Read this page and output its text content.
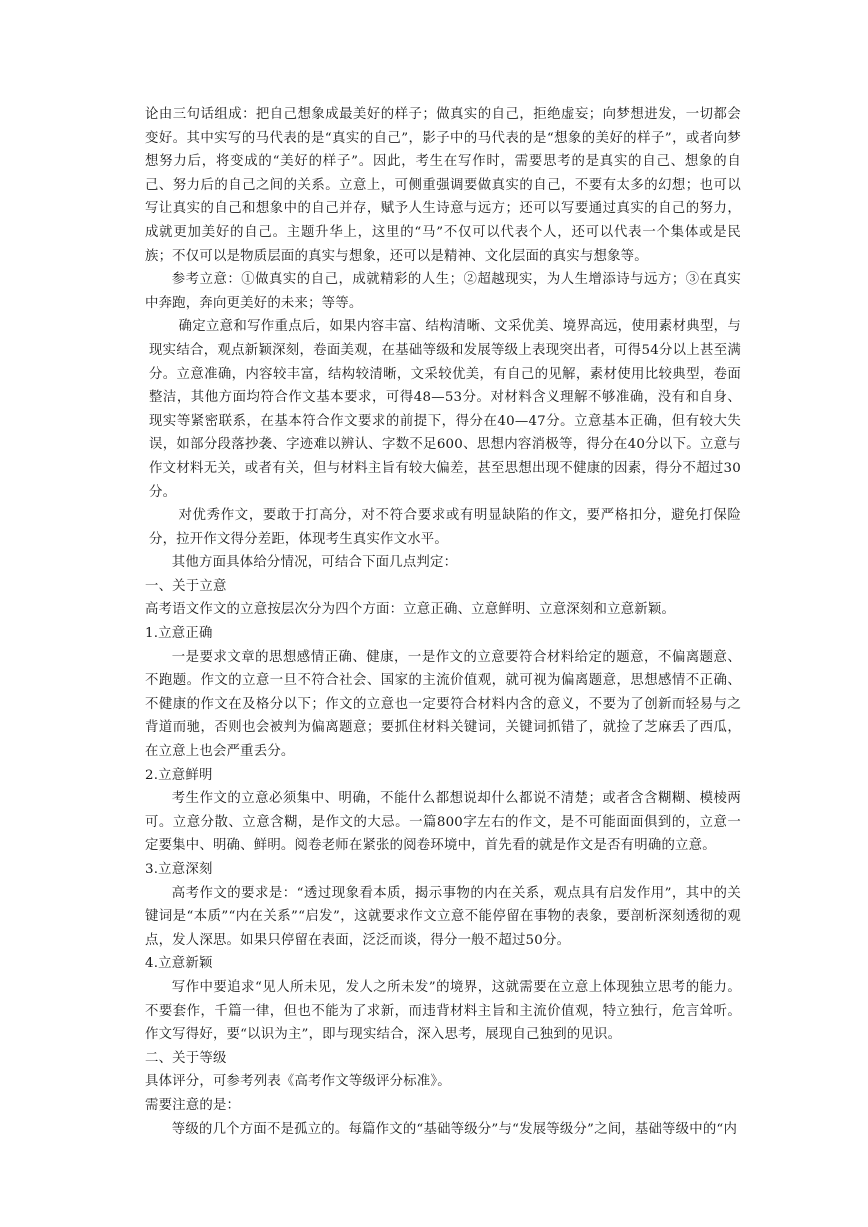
论由三句话组成：把自己想象成最美好的样子；做真实的自己，拒绝虚妄；向梦想进发，一切都会变好。其中实写的马代表的是“真实的自己”，影子中的马代表的是“想象的美好的样子”，或者向梦想努力后，将变成的“美好的样子”。因此，考生在写作时，需要思考的是真实的自己、想象的自己、努力后的自己之间的关系。立意上，可侧重强调要做真实的自己，不要有太多的幻想；也可以写让真实的自己和想象中的自己并存，赋予人生诗意与远方；还可以写要通过真实的自己的努力，成就更加美好的自己。主题升华上，这里的“马”不仅可以代表个人，还可以代表一个集体或是民族；不仅可以是物质层面的真实与想象，还可以是精神、文化层面的真实与想象等。

参考立意：①做真实的自己，成就精彩的人生；②超越现实，为人生增添诗与远方；③在真实中奔跑，奔向更美好的未来；等等。

确定立意和写作重点后，如果内容丰富、结构清晰、文采优美、境界高远，使用素材典型，与现实结合，观点新颖深刻，卷面美观，在基础等级和发展等级上表现突出者，可得54分以上甚至满分。立意准确，内容较丰富，结构较清晰，文采较优美，有自己的见解，素材使用比较典型，卷面整洁，其他方面均符合作文基本要求，可得48—53分。对材料含义理解不够准确，没有和自身、现实等紧密联系，在基本符合作文要求的前提下，得分在40—47分。立意基本正确，但有较大失误，如部分段落抄袭、字迹难以辨认、字数不足600、思想内容消极等，得分在40分以下。立意与作文材料无关，或者有关，但与材料主旨有较大偏差，甚至思想出现不健康的因素，得分不超过30分。

对优秀作文，要敢于打高分，对不符合要求或有明显缺陷的作文，要严格扣分，避免打保险分，拉开作文得分差距，体现考生真实作文水平。

其他方面具体给分情况，可结合下面几点判定：

一、关于立意

高考语文作文的立意按层次分为四个方面：立意正确、立意鲜明、立意深刻和立意新颖。

1.立意正确

一是要求文章的思想感情正确、健康，一是作文的立意要符合材料给定的题意，不偏离题意、不跑题。作文的立意一旦不符合社会、国家的主流价值观，就可视为偏离题意，思想感情不正确、不健康的作文在及格分以下；作文的立意也一定要符合材料内含的意义，不要为了创新而轻易与之背道而驰，否则也会被判为偏离题意；要抓住材料关键词，关键词抓错了，就捡了芝麻丢了西瓜，在立意上也会严重丢分。

2.立意鲜明

考生作文的立意必须集中、明确，不能什么都想说却什么都说不清楚；或者含含糊糊、模棱两可。立意分散、立意含糊，是作文的大忌。一篇800字左右的作文，是不可能面面俱到的，立意一定要集中、明确、鲜明。阅卷老师在紧张的阅卷环境中，首先看的就是作文是否有明确的立意。

3.立意深刻

高考作文的要求是：“透过现象看本质，揭示事物的内在关系，观点具有启发作用”，其中的关键词是“本质”“内在关系”“启发”，这就要求作文立意不能停留在事物的表象，要剖析深刻透彻的观点，发人深思。如果只停留在表面，泛泛而谈，得分一般不超过50分。

4.立意新颖

写作中要追求“见人所未见，发人之所未发”的境界，这就需要在立意上体现独立思考的能力。不要套作，千篇一律，但也不能为了求新，而违背材料主旨和主流价值观，特立独行，危言耸听。作文写得好，要“以识为主”，即与现实结合，深入思考，展现自己独到的见识。

二、关于等级

具体评分，可参考列表《高考作文等级评分标准》。

需要注意的是：

等级的几个方面不是孤立的。每篇作文的“基础等级分”与“发展等级分”之间，基础等级中的“内
